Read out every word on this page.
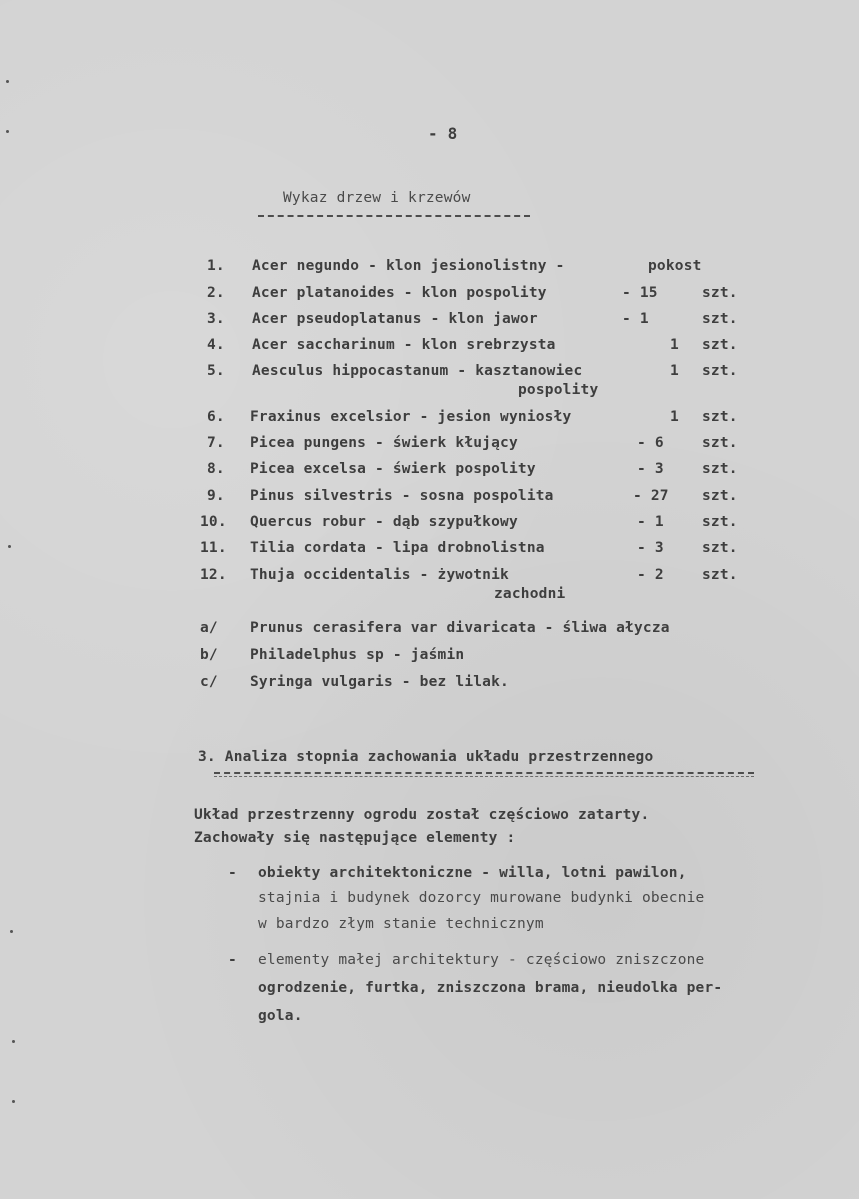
- 8
Wykaz drzew i krzewów
1. Acer negundo - klon jesionolistny -	pokost
2. Acer platanoides - klon pospolity	- 15	szt.
3. Acer pseudoplatanus - klon jawor	- 1	szt.
4. Acer saccharinum - klon srebrzysta	1 szt.
5. Aesculus hippocastanum - kasztanowiec
pospolity
1 szt.
6. Fraxinus excelsior - jesion wyniosły	1 szt.
7. Picea pungens - świerk kłujący	- 6	szt.
8. Picea excelsa - świerk pospolity	- 3	szt.
9. Pinus silvestris - sosna pospolita	- 27 szt.
10. Quercus robur - dąb szypułkowy	- 1	szt.
11. Tilia cordata - lipa drobnolistna	- 3	szt.
12. Thuja occidentalis - żywotnik
zachodni
- 2	szt.
a/ Prunus cerasifera var divaricata - śliwa ałycza
b/ Philadelphus sp - jaśmin
c/ Syringa vulgaris - bez lilak.
3. Analiza stopnia zachowania układu przestrzennego
Układ przestrzenny ogrodu został częściowo zatarty.
Zachowały się następujące elementy :
- obiekty architektoniczne - willa, lotni pawilon,
stajnia i budynek dozorcy murowane budynki obecnie
w bardzo złym stanie technicznym
- elementy małej architektury - częściowo zniszczone
ogrodzenie, furtka, zniszczona brama, nieudolka per-
gola.
